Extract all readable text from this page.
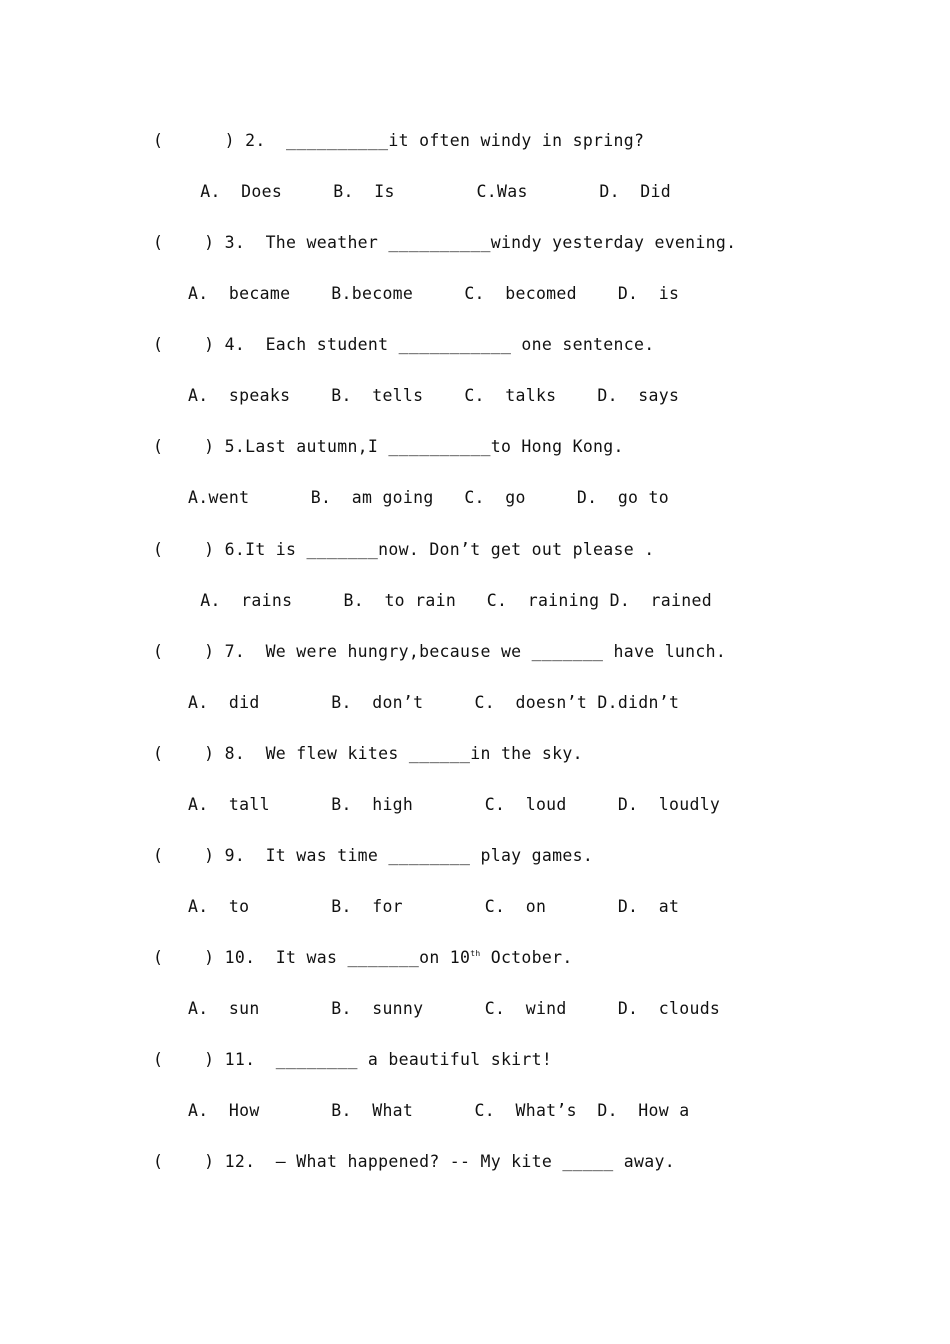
(      ) 2.  __________it often windy in spring?
A.  Does     B.  Is        C.Was       D.  Did
(    ) 3.  The weather __________windy yesterday evening.
A.  became    B.become     C.  becomed    D.  is
(    ) 4.  Each student ___________ one sentence.
A.  speaks    B.  tells    C.  talks    D.  says
(    ) 5.Last autumn,I __________to Hong Kong.
A.went      B.  am going   C.  go     D.  go to
(    ) 6.It is _______now. Don’t get out please .
A.  rains     B.  to rain   C.  raining D.  rained
(    ) 7.  We were hungry,because we _______ have lunch.
A.  did       B.  don’t     C.  doesn’t D.didn’t
(    ) 8.  We flew kites ______in the sky.
A.  tall      B.  high       C.  loud     D.  loudly
(    ) 9.  It was time ________ play games.
A.  to        B.  for        C.  on       D.  at
(    ) 10.  It was _______on 10th October.
A.  sun       B.  sunny      C.  wind     D.  clouds
(    ) 11.  ________ a beautiful skirt!
A.  How       B.  What      C.  What’s  D.  How a
(    ) 12.  — What happened? -- My kite _____ away.
